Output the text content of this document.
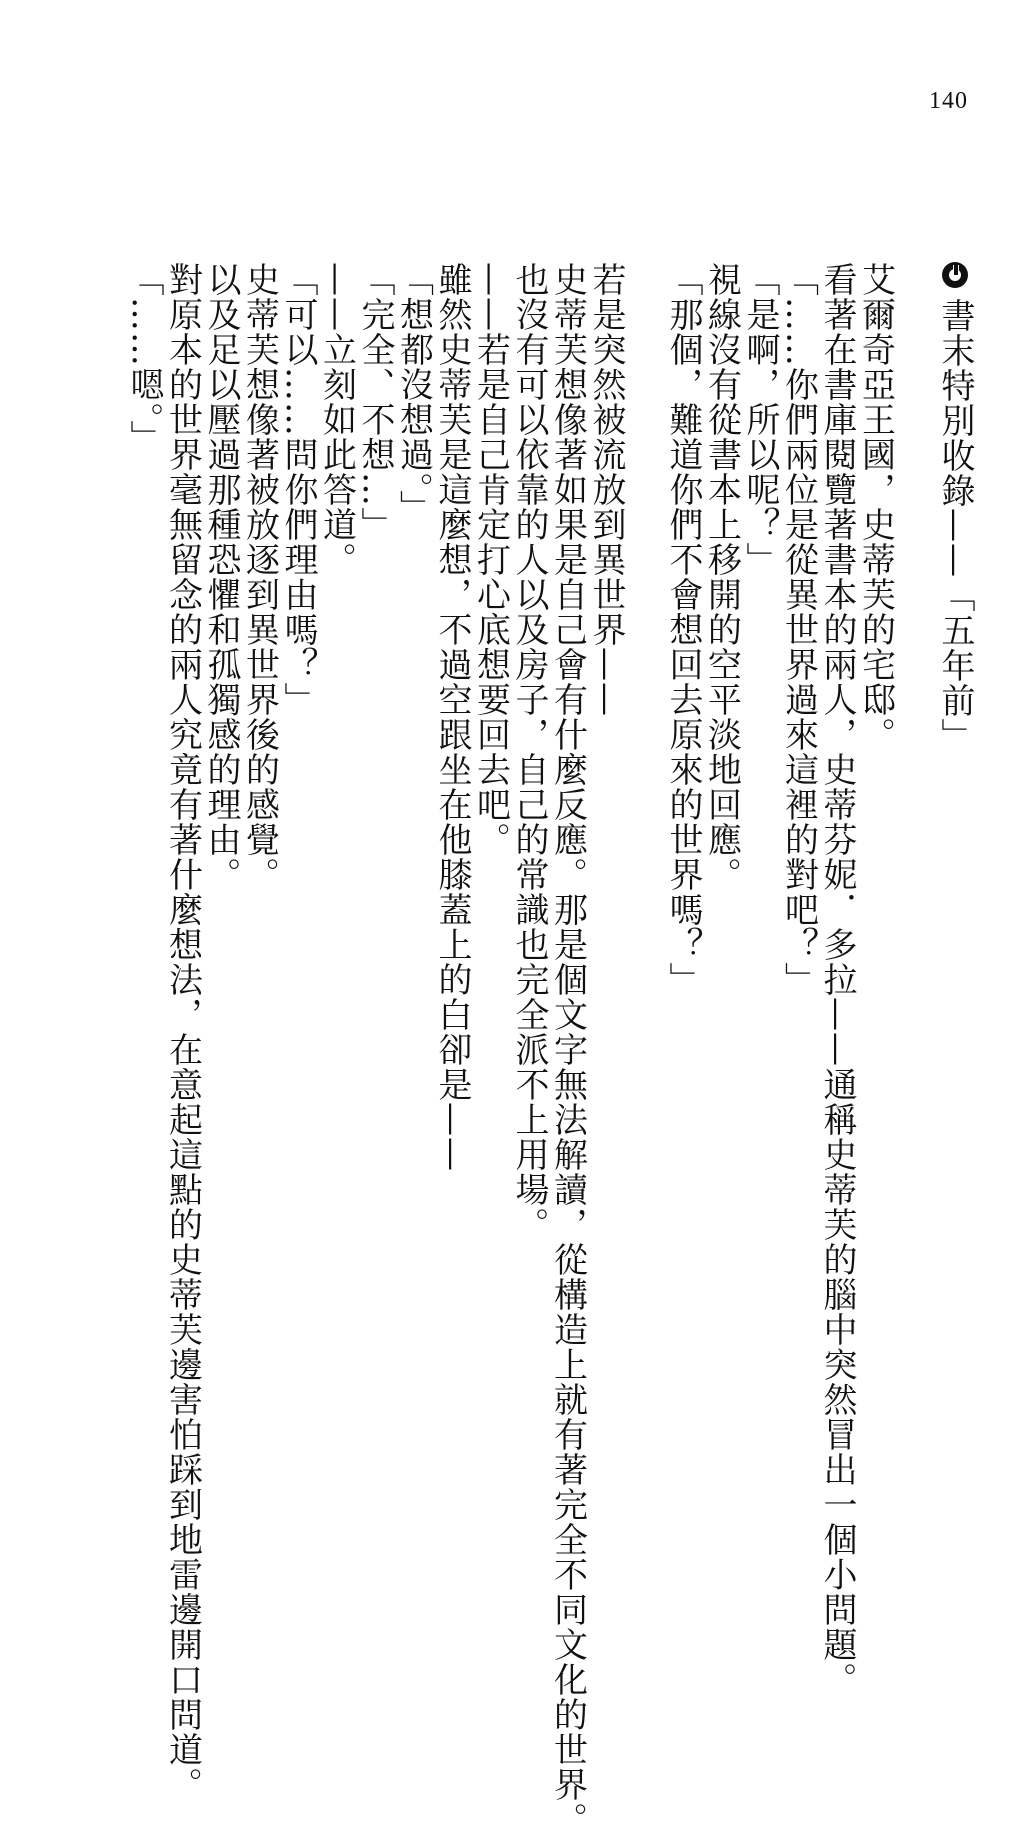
140
書末特別收錄——「五年前」
艾爾奇亞王國，史蒂芙的宅邸。
看著在書庫閱覽著書本的兩人，史蒂芬妮．多拉——通稱史蒂芙的腦中突然冒出一個小問題。
「……你們兩位是從異世界過來這裡的對吧？」
「是啊，所以呢？」
視線沒有從書本上移開的空平淡地回應。
「那個，難道你們不會想回去原來的世界嗎？」
若是突然被流放到異世界——
史蒂芙想像著如果是自己會有什麼反應。那是個文字無法解讀，從構造上就有著完全不同文化的世界。
也沒有可以依靠的人以及房子，自己的常識也完全派不上用場。
——若是自己肯定打心底想要回去吧。
雖然史蒂芙是這麼想，不過空跟坐在他膝蓋上的白卻是——
「想都沒想過。」
「完全、不想…」
——立刻如此答道。
「可以……問你們理由嗎？」
史蒂芙想像著被放逐到異世界後的感覺。
以及足以壓過那種恐懼和孤獨感的理由。
對原本的世界毫無留念的兩人究竟有著什麼想法，在意起這點的史蒂芙邊害怕踩到地雷邊開口問道。
「……嗯。」
